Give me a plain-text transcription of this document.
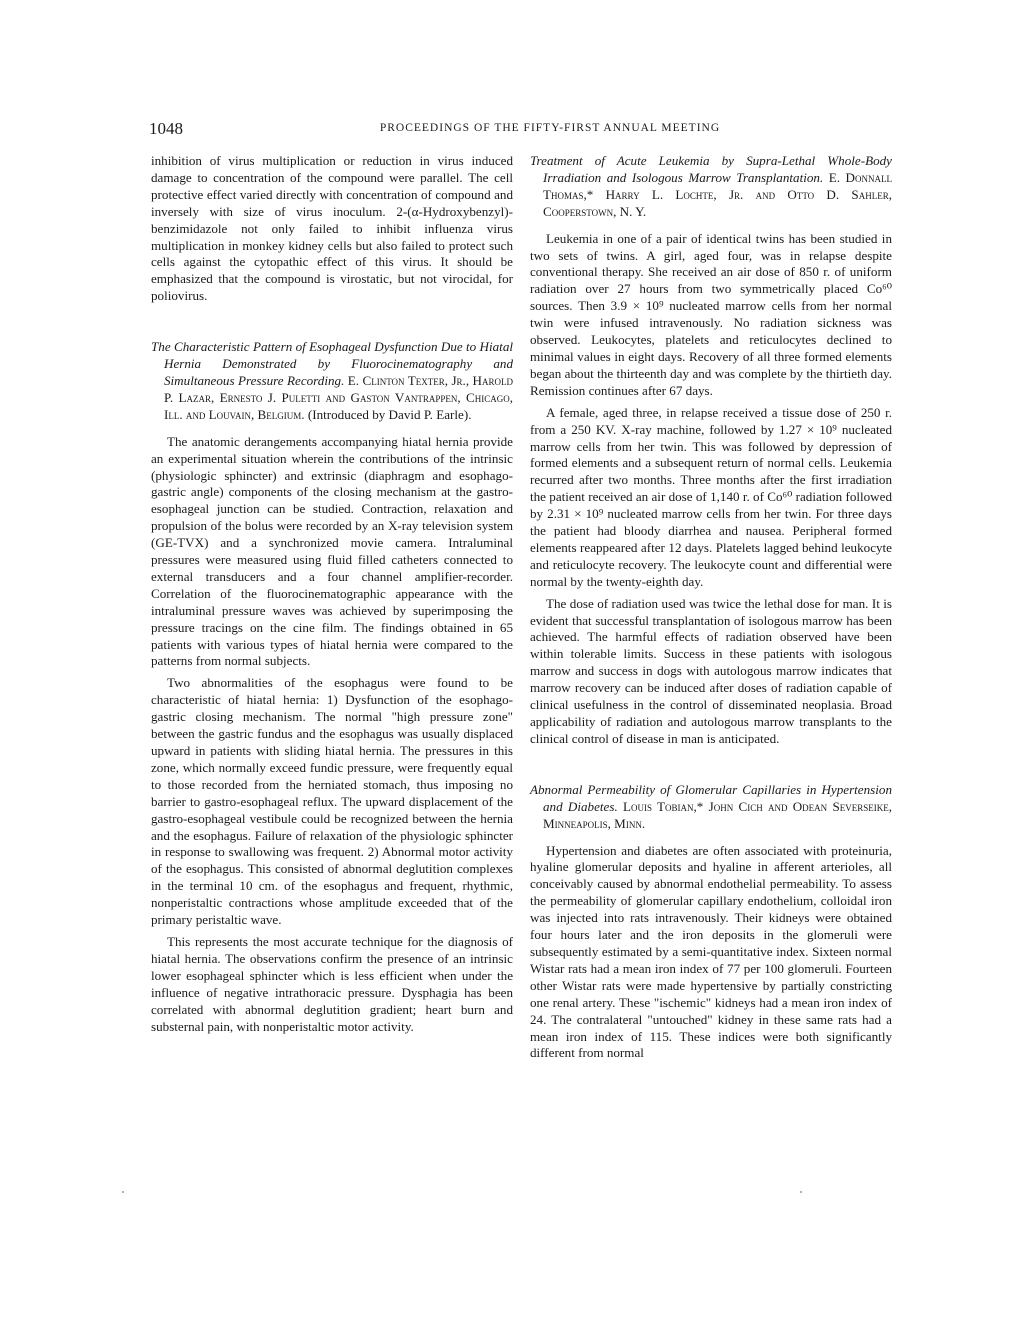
1048	PROCEEDINGS OF THE FIFTY-FIRST ANNUAL MEETING

inhibition of virus multiplication or reduction in virus induced damage to concentration of the compound were parallel. The cell protective effect varied directly with concentration of compound and inversely with size of virus inoculum. 2-(α-Hydroxybenzyl)-benzimidazole not only failed to inhibit influenza virus multiplication in monkey kidney cells but also failed to protect such cells against the cytopathic effect of this virus. It should be emphasized that the compound is virostatic, but not virocidal, for poliovirus.

The Characteristic Pattern of Esophageal Dysfunction Due to Hiatal Hernia Demonstrated by Fluorocinematography and Simultaneous Pressure Recording. E. Clinton Texter, Jr., Harold P. Lazar, Ernesto J. Puletti and Gaston Vantrappen, Chicago, Ill. and Louvain, Belgium. (Introduced by David P. Earle).

The anatomic derangements accompanying hiatal hernia provide an experimental situation wherein the contributions of the intrinsic (physiologic sphincter) and extrinsic (diaphragm and esophago-gastric angle) components of the closing mechanism at the gastro-esophageal junction can be studied. Contraction, relaxation and propulsion of the bolus were recorded by an X-ray television system (GE-TVX) and a synchronized movie camera. Intraluminal pressures were measured using fluid filled catheters connected to external transducers and a four channel amplifier-recorder. Correlation of the fluorocinematographic appearance with the intraluminal pressure waves was achieved by superimposing the pressure tracings on the cine film. The findings obtained in 65 patients with various types of hiatal hernia were compared to the patterns from normal subjects.

Two abnormalities of the esophagus were found to be characteristic of hiatal hernia: 1) Dysfunction of the esophago-gastric closing mechanism. The normal "high pressure zone" between the gastric fundus and the esophagus was usually displaced upward in patients with sliding hiatal hernia. The pressures in this zone, which normally exceed fundic pressure, were frequently equal to those recorded from the herniated stomach, thus imposing no barrier to gastro-esophageal reflux. The upward displacement of the gastro-esophageal vestibule could be recognized between the hernia and the esophagus. Failure of relaxation of the physiologic sphincter in response to swallowing was frequent. 2) Abnormal motor activity of the esophagus. This consisted of abnormal deglutition complexes in the terminal 10 cm. of the esophagus and frequent, rhythmic, nonperistaltic contractions whose amplitude exceeded that of the primary peristaltic wave.

This represents the most accurate technique for the diagnosis of hiatal hernia. The observations confirm the presence of an intrinsic lower esophageal sphincter which is less efficient when under the influence of negative intrathoracic pressure. Dysphagia has been correlated with abnormal deglutition gradient; heart burn and substernal pain, with nonperistaltic motor activity.

Treatment of Acute Leukemia by Supra-Lethal Whole-Body Irradiation and Isologous Marrow Transplantation. E. Donnall Thomas,* Harry L. Lochte, Jr. and Otto D. Sahler, Cooperstown, N. Y.

Leukemia in one of a pair of identical twins has been studied in two sets of twins. A girl, aged four, was in relapse despite conventional therapy. She received an air dose of 850 r. of uniform radiation over 27 hours from two symmetrically placed Co⁶⁰ sources. Then 3.9 × 10⁹ nucleated marrow cells from her normal twin were infused intravenously. No radiation sickness was observed. Leukocytes, platelets and reticulocytes declined to minimal values in eight days. Recovery of all three formed elements began about the thirteenth day and was complete by the thirtieth day. Remission continues after 67 days.

A female, aged three, in relapse received a tissue dose of 250 r. from a 250 KV. X-ray machine, followed by 1.27 × 10⁹ nucleated marrow cells from her twin. This was followed by depression of formed elements and a subsequent return of normal cells. Leukemia recurred after two months. Three months after the first irradiation the patient received an air dose of 1,140 r. of Co⁶⁰ radiation followed by 2.31 × 10⁹ nucleated marrow cells from her twin. For three days the patient had bloody diarrhea and nausea. Peripheral formed elements reappeared after 12 days. Platelets lagged behind leukocyte and reticulocyte recovery. The leukocyte count and differential were normal by the twenty-eighth day.

The dose of radiation used was twice the lethal dose for man. It is evident that successful transplantation of isologous marrow has been achieved. The harmful effects of radiation observed have been within tolerable limits. Success in these patients with isologous marrow and success in dogs with autologous marrow indicates that marrow recovery can be induced after doses of radiation capable of clinical usefulness in the control of disseminated neoplasia. Broad applicability of radiation and autologous marrow transplants to the clinical control of disease in man is anticipated.

Abnormal Permeability of Glomerular Capillaries in Hypertension and Diabetes. Louis Tobian,* John Cich and Odean Severseike, Minneapolis, Minn.

Hypertension and diabetes are often associated with proteinuria, hyaline glomerular deposits and hyaline in afferent arterioles, all conceivably caused by abnormal endothelial permeability. To assess the permeability of glomerular capillary endothelium, colloidal iron was injected into rats intravenously. Their kidneys were obtained four hours later and the iron deposits in the glomeruli were subsequently estimated by a semi-quantitative index. Sixteen normal Wistar rats had a mean iron index of 77 per 100 glomeruli. Fourteen other Wistar rats were made hypertensive by partially constricting one renal artery. These "ischemic" kidneys had a mean iron index of 24. The contralateral "untouched" kidney in these same rats had a mean iron index of 115. These indices were both significantly different from normal
